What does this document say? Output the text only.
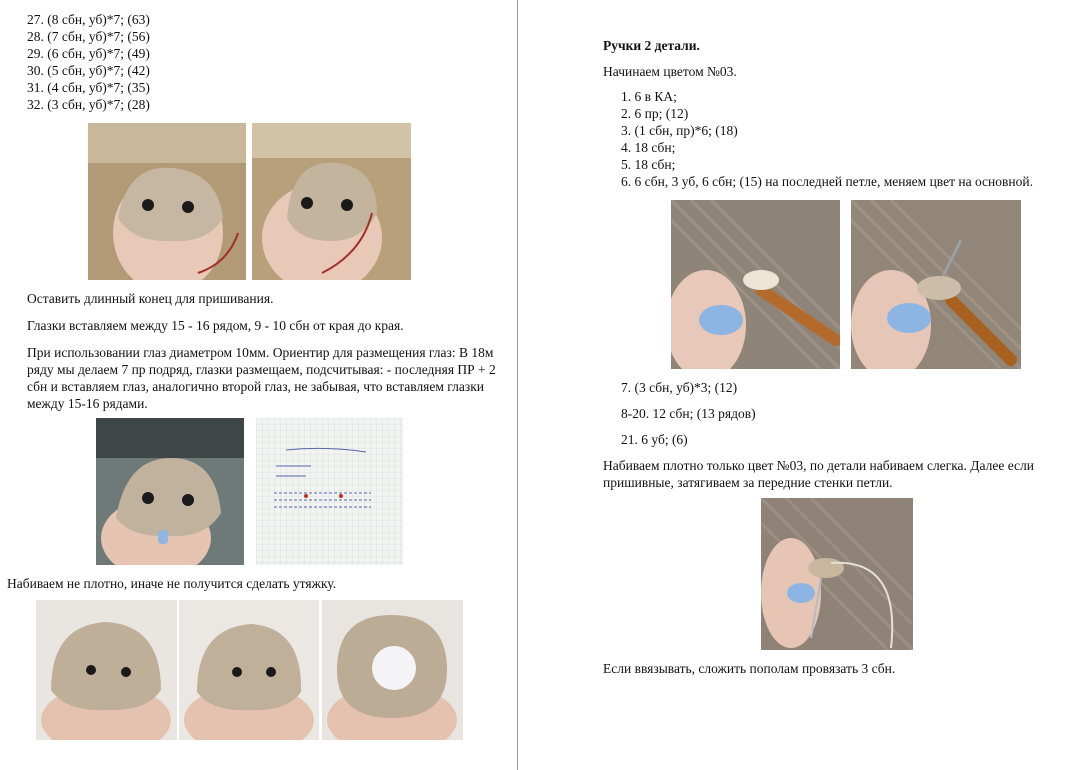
27. (8 сбн, уб)*7; (63)
28. (7 сбн, уб)*7; (56)
29. (6 сбн, уб)*7; (49)
30. (5 сбн, уб)*7; (42)
31. (4 сбн, уб)*7; (35)
32. (3 сбн, уб)*7; (28)
Оставить длинный конец для пришивания.
Глазки вставляем между 15 - 16 рядом, 9 - 10 сбн от края до края.
При использовании глаз диаметром 10мм. Ориентир для размещения глаз: В 18м ряду мы делаем 7 пр подряд, глазки размещаем, подсчитывая: - последняя ПР + 2 сбн и вставляем глаз, аналогично второй глаз, не забывая, что вставляем глазки между 15-16 рядами.
Набиваем не плотно, иначе не получится сделать утяжку.
Ручки 2 детали.
Начинаем цветом №03.
1. 6 в КА;
2. 6 пр; (12)
3. (1 сбн, пр)*6; (18)
4. 18 сбн;
5. 18 сбн;
6. 6 сбн, 3 уб, 6 сбн; (15) на последней петле, меняем цвет на основной.
7. (3 сбн, уб)*3; (12)
8-20. 12 сбн; (13 рядов)
21. 6 уб; (6)
Набиваем плотно только цвет №03, по детали набиваем слегка. Далее если пришивные, затягиваем за передние стенки петли.
Если ввязывать, сложить пополам провязать 3 сбн.
